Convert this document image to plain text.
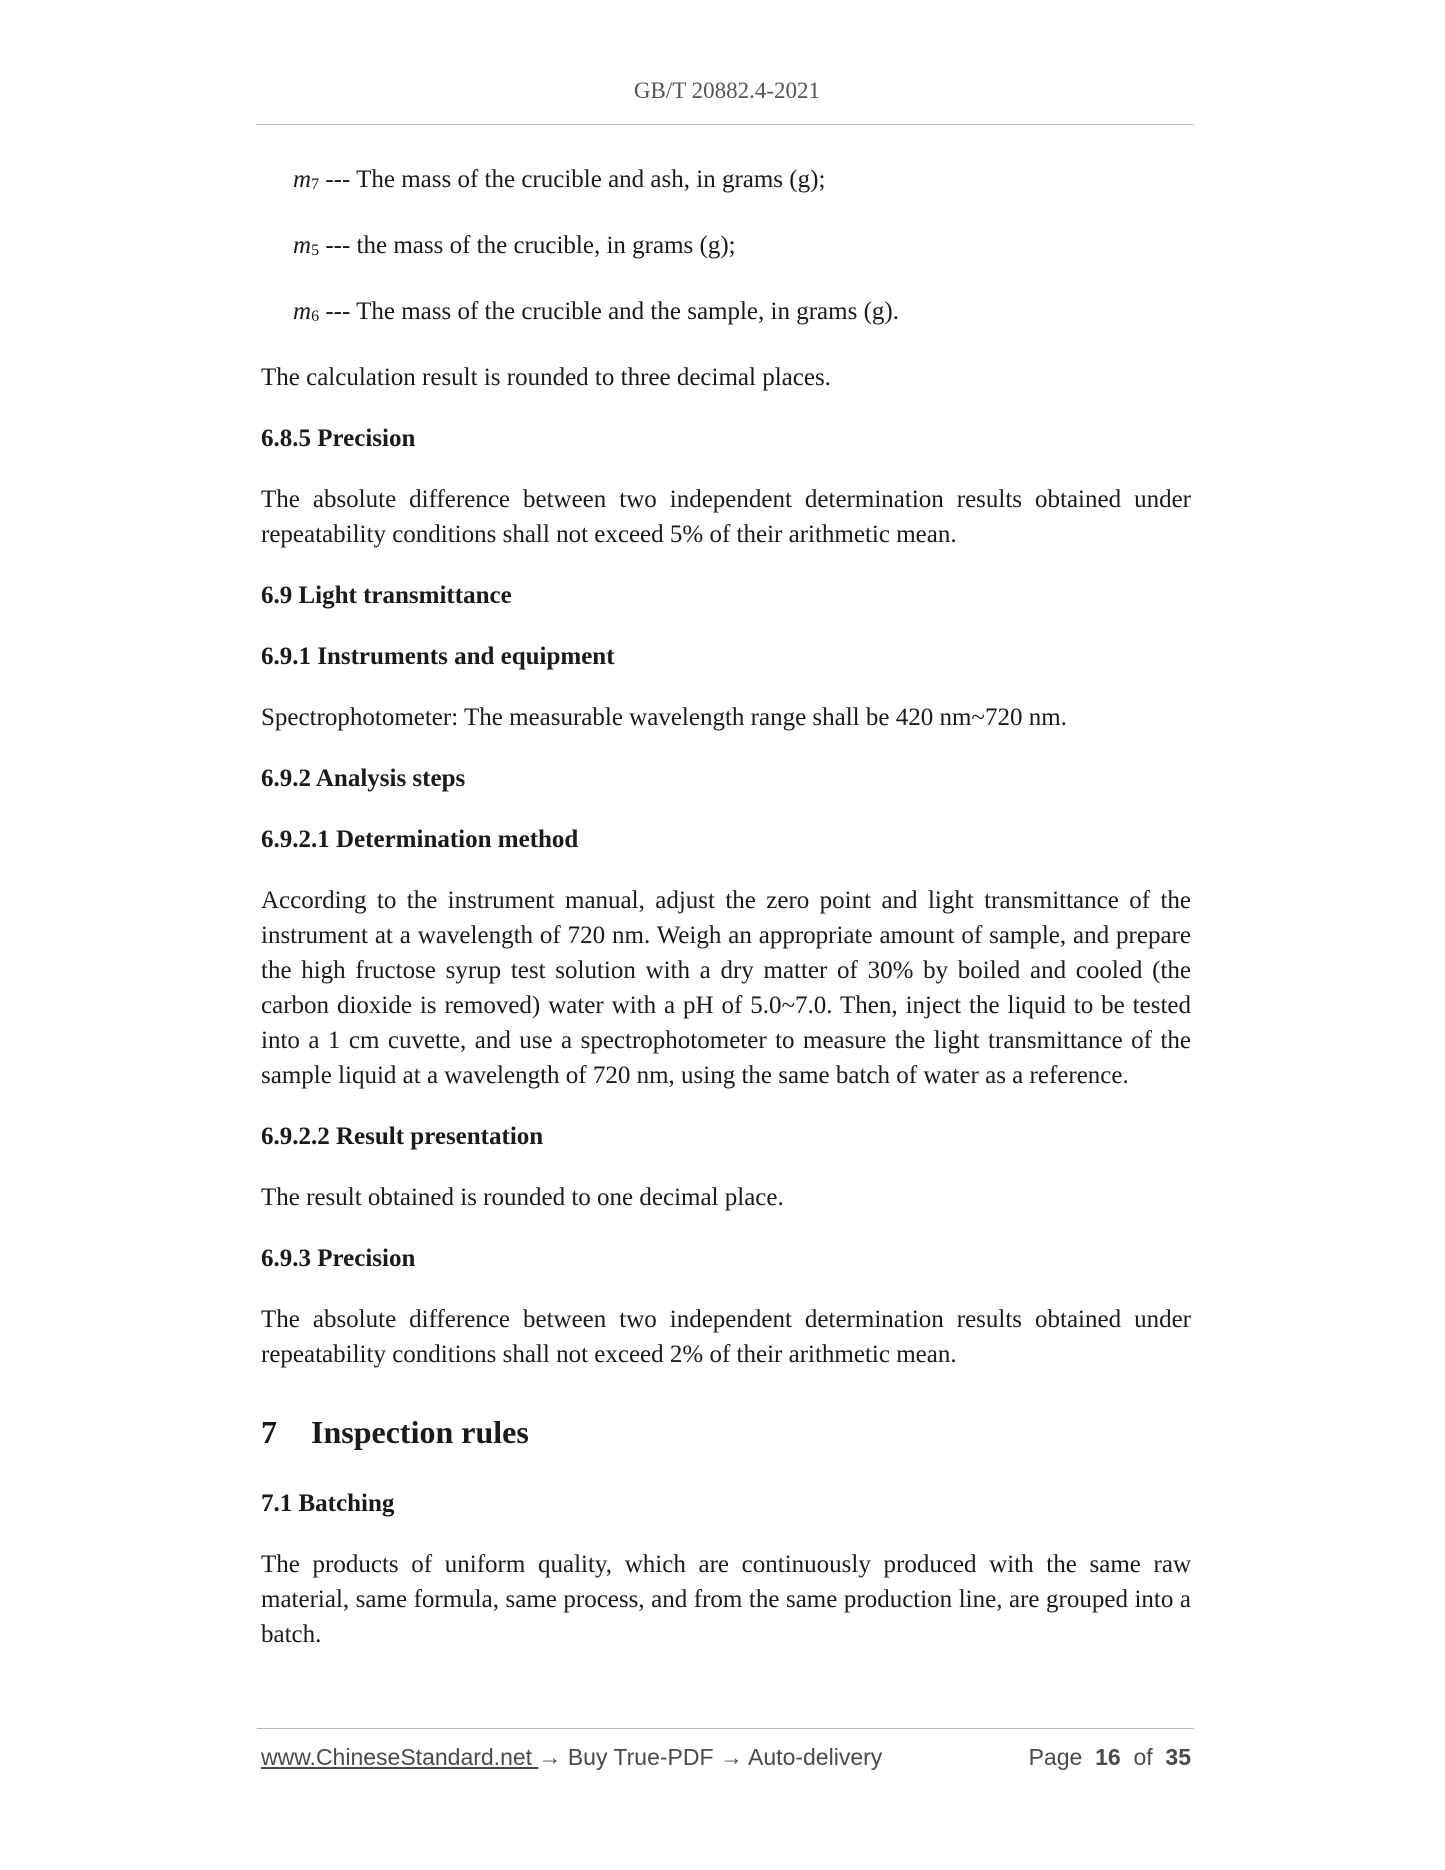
GB/T 20882.4-2021
$m_7$ --- The mass of the crucible and ash, in grams (g);
$m_5$ --- the mass of the crucible, in grams (g);
$m_6$ --- The mass of the crucible and the sample, in grams (g).

The calculation result is rounded to three decimal places.

6.8.5 Precision

The absolute difference between two independent determination results obtained under repeatability conditions shall not exceed 5% of their arithmetic mean.

6.9 Light transmittance
6.9.1 Instruments and equipment

Spectrophotometer: The measurable wavelength range shall be 420 nm~720 nm.

6.9.2 Analysis steps
6.9.2.1 Determination method

According to the instrument manual, adjust the zero point and light transmittance of the instrument at a wavelength of 720 nm. Weigh an appropriate amount of sample, and prepare the high fructose syrup test solution with a dry matter of 30% by boiled and cooled (the carbon dioxide is removed) water with a pH of 5.0~7.0. Then, inject the liquid to be tested into a 1 cm cuvette, and use a spectrophotometer to measure the light transmittance of the sample liquid at a wavelength of 720 nm, using the same batch of water as a reference.

6.9.2.2 Result presentation

The result obtained is rounded to one decimal place.

6.9.3 Precision

The absolute difference between two independent determination results obtained under repeatability conditions shall not exceed 2% of their arithmetic mean.

7 Inspection rules
7.1 Batching

The products of uniform quality, which are continuously produced with the same raw material, same formula, same process, and from the same production line, are grouped into a batch.

www.ChineseStandard.net → Buy True-PDF → Auto-delivery	Page 16 of 35
